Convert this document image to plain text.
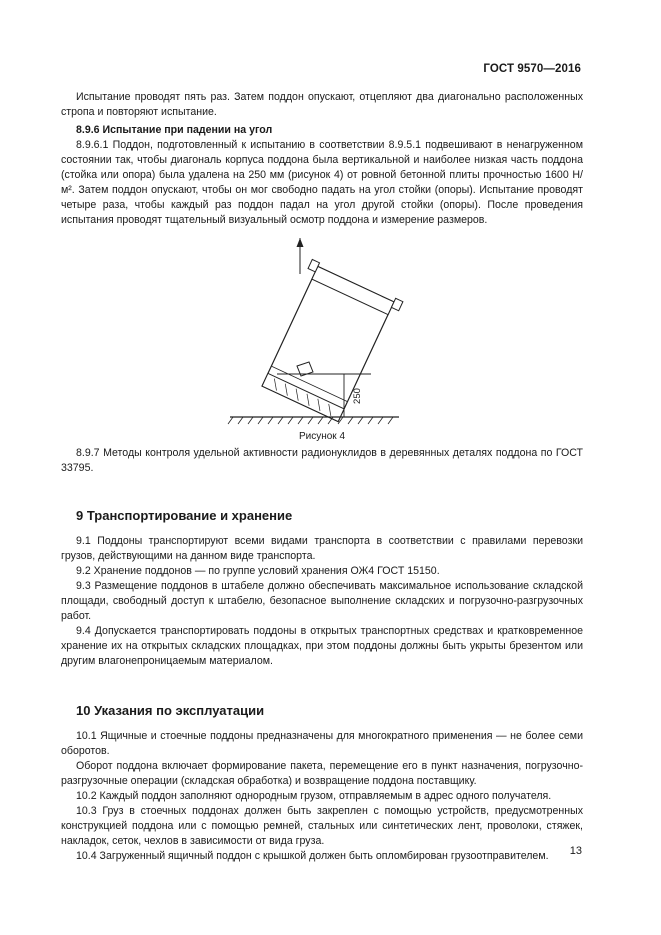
ГОСТ 9570—2016

Испытание проводят пять раз. Затем поддон опускают, отцепляют два диагонально расположенных стропа и повторяют испытание.

8.9.6 Испытание при падении на угол

8.9.6.1 Поддон, подготовленный к испытанию в соответствии 8.9.5.1 подвешивают в ненагруженном состоянии так, чтобы диагональ корпуса поддона была вертикальной и наиболее низкая часть поддона (стойка или опора) была удалена на 250 мм (рисунок 4) от ровной бетонной плиты прочностью 1600 Н/м². Затем поддон опускают, чтобы он мог свободно падать на угол стойки (опоры). Испытание проводят четыре раза, чтобы каждый раз поддон падал на угол другой стойки (опоры). После проведения испытания проводят тщательный визуальный осмотр поддона и измерение размеров.

250
Рисунок 4

8.9.7 Методы контроля удельной активности радионуклидов в деревянных деталях поддона по ГОСТ 33795.

9 Транспортирование и хранение

9.1 Поддоны транспортируют всеми видами транспорта в соответствии с правилами перевозки грузов, действующими на данном виде транспорта.

9.2 Хранение поддонов — по группе условий хранения ОЖ4 ГОСТ 15150.

9.3 Размещение поддонов в штабеле должно обеспечивать максимальное использование складской площади, свободный доступ к штабелю, безопасное выполнение складских и погрузочно-разгрузочных работ.

9.4 Допускается транспортировать поддоны в открытых транспортных средствах и кратковременное хранение их на открытых складских площадках, при этом поддоны должны быть укрыты брезентом или другим влагонепроницаемым материалом.

10 Указания по эксплуатации

10.1 Ящичные и стоечные поддоны предназначены для многократного применения — не более семи оборотов.

Оборот поддона включает формирование пакета, перемещение его в пункт назначения, погрузочно-разгрузочные операции (складская обработка) и возвращение поддона поставщику.

10.2 Каждый поддон заполняют однородным грузом, отправляемым в адрес одного получателя.

10.3 Груз в стоечных поддонах должен быть закреплен с помощью устройств, предусмотренных конструкцией поддона или с помощью ремней, стальных или синтетических лент, проволоки, стяжек, накладок, сеток, чехлов в зависимости от вида груза.

10.4 Загруженный ящичный поддон с крышкой должен быть опломбирован грузоотправителем.	13
